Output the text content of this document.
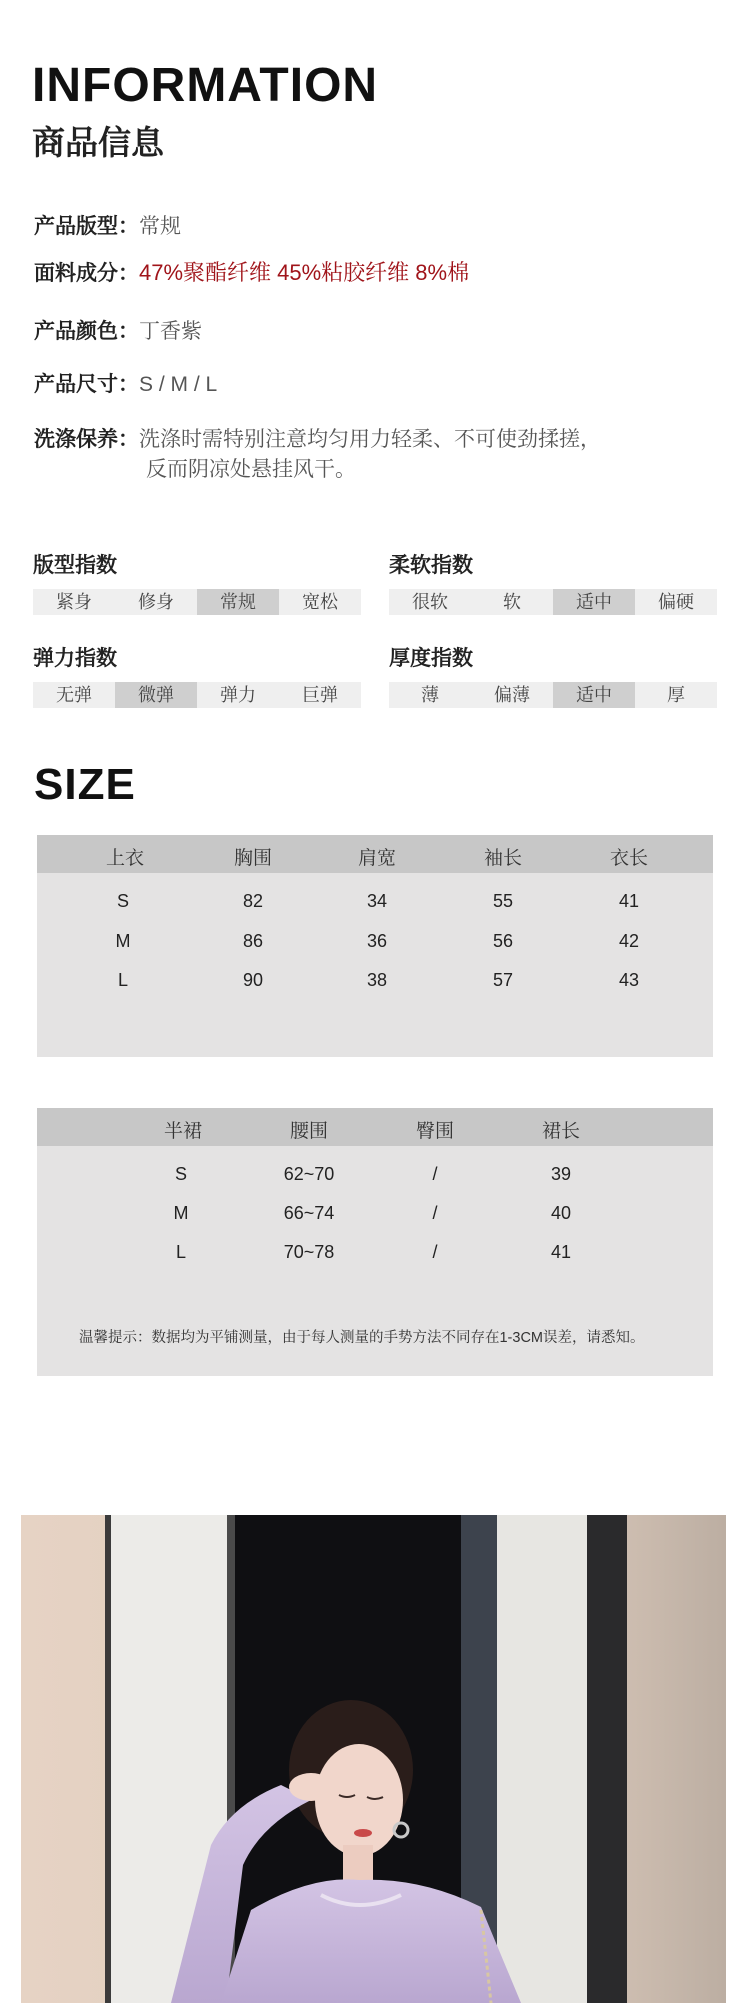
INFORMATION
商品信息
产品版型：常规
面料成分：47%聚酯纤维 45%粘胶纤维 8%棉
产品颜色：丁香紫
产品尺寸：S / M / L
洗涤保养：洗涤时需特别注意均匀用力轻柔、不可使劲揉搓，
反而阴凉处悬挂风干。
版型指数
紧身	修身	常规	宽松
柔软指数
很软	软	适中	偏硬
弹力指数
无弹	微弹	弹力	巨弹
厚度指数
薄	偏薄	适中	厚
SIZE
上衣	胸围	肩宽	袖长	衣长
S	82	34	55	41
M	86	36	56	42
L	90	38	57	43
半裙	腰围	臀围	裙长
S	62~70	/	39
M	66~74	/	40
L	70~78	/	41
温馨提示：数据均为平铺测量，由于每人测量的手势方法不同存在1-3CM误差，请悉知。
